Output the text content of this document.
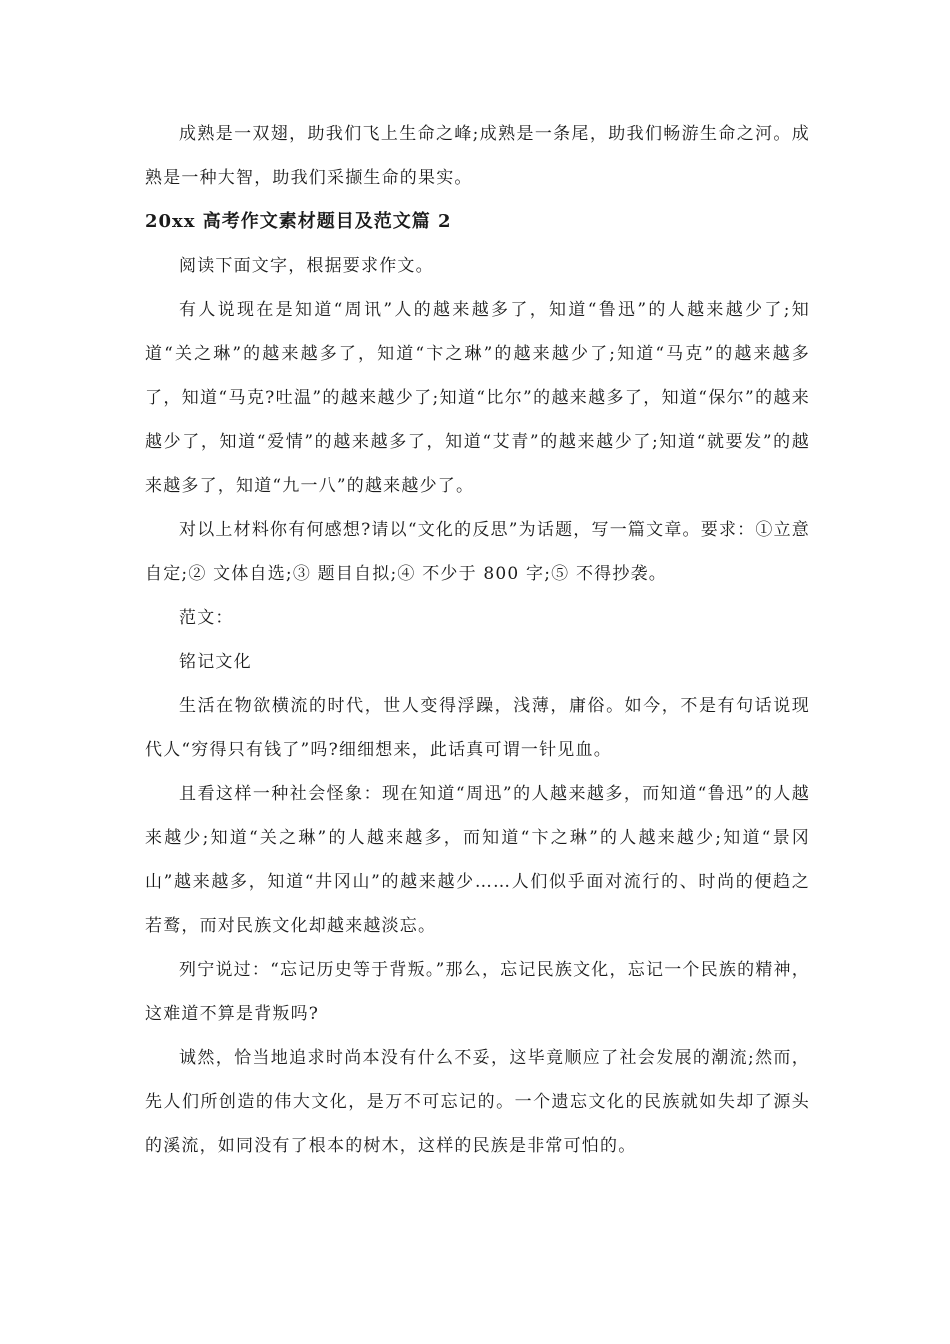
成熟是一双翅，助我们飞上生命之峰;成熟是一条尾，助我们畅游生命之河。成熟是一种大智，助我们采撷生命的果实。

20xx 高考作文素材题目及范文篇 2

阅读下面文字，根据要求作文。

有人说现在是知道“周讯”人的越来越多了，知道“鲁迅”的人越来越少了;知道“关之琳”的越来越多了，知道“卞之琳”的越来越少了;知道“马克”的越来越多了，知道“马克?吐温”的越来越少了;知道“比尔”的越来越多了，知道“保尔”的越来越少了，知道“爱情”的越来越多了，知道“艾青”的越来越少了;知道“就要发”的越来越多了，知道“九一八”的越来越少了。

对以上材料你有何感想?请以“文化的反思”为话题，写一篇文章。要求：①立意自定;② 文体自选;③ 题目自拟;④ 不少于 800 字;⑤ 不得抄袭。

范文：

铭记文化

生活在物欲横流的时代，世人变得浮躁，浅薄，庸俗。如今，不是有句话说现代人“穷得只有钱了”吗?细细想来，此话真可谓一针见血。

且看这样一种社会怪象：现在知道“周迅”的人越来越多，而知道“鲁迅”的人越来越少;知道“关之琳”的人越来越多，而知道“卞之琳”的人越来越少;知道“景冈山”越来越多，知道“井冈山”的越来越少……人们似乎面对流行的、时尚的便趋之若鹜，而对民族文化却越来越淡忘。

列宁说过：“忘记历史等于背叛。”那么，忘记民族文化，忘记一个民族的精神，这难道不算是背叛吗?

诚然，恰当地追求时尚本没有什么不妥，这毕竟顺应了社会发展的潮流;然而，先人们所创造的伟大文化，是万不可忘记的。一个遗忘文化的民族就如失却了源头的溪流，如同没有了根本的树木，这样的民族是非常可怕的。
